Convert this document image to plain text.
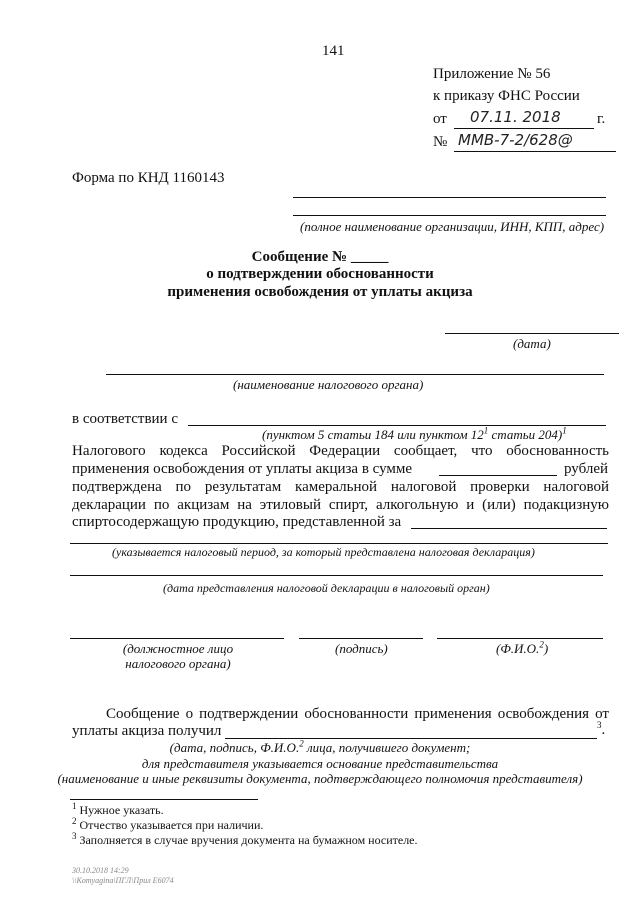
141
Приложение № 56
к приказу ФНС России
от 07.11. 2018 г.
№ ММВ-7-2/628@
Форма по КНД 1160143
(полное наименование организации, ИНН, КПП, адрес)
Сообщение № _____
о подтверждении обоснованности
применения освобождения от уплаты акциза
(дата)
(наименование налогового органа)
в соответствии с
(пунктом 5 статьи 184 или пунктом $12^1$ статьи 204)$^1$
Налогового кодекса Российской Федерации сообщает, что обоснованность
применения освобождения от уплаты акциза в сумме	рублей
подтверждена по результатам камеральной налоговой проверки налоговой
декларации по акцизам на этиловый спирт, алкогольную и (или) подакцизную
спиртосодержащую продукцию, представленной за
(указывается налоговый период, за который представлена налоговая декларация)
(дата представления налоговой декларации в налоговый орган)
(должностное лицо
налогового органа)
(подпись)	(Ф.И.О.$^2$)
Сообщение о подтверждении обоснованности применения освобождения от
уплаты акциза получил	$^3$.
(дата, подпись, Ф.И.О.$^2$ лица, получившего документ;
для представителя указывается основание представительства
(наименование и иные реквизиты документа, подтверждающего полномочия представителя)
$^1$ Нужное указать.
$^2$ Отчество указывается при наличии.
$^3$ Заполняется в случае вручения документа на бумажном носителе.
30.10.2018 14:29
\\Komyagina\ПГЛ\Прил E6074
